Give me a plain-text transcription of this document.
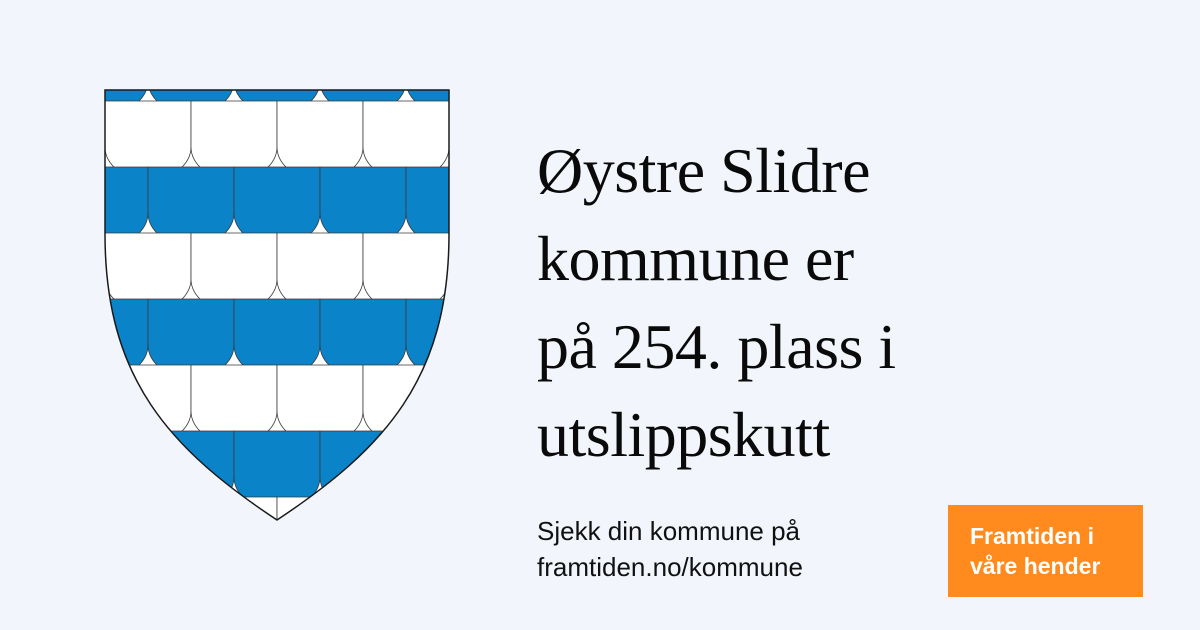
Øystre Slidre
kommune er
på 254. plass i
utslippskutt
Sjekk din kommune på
framtiden.no/kommune
Framtiden i
våre hender
